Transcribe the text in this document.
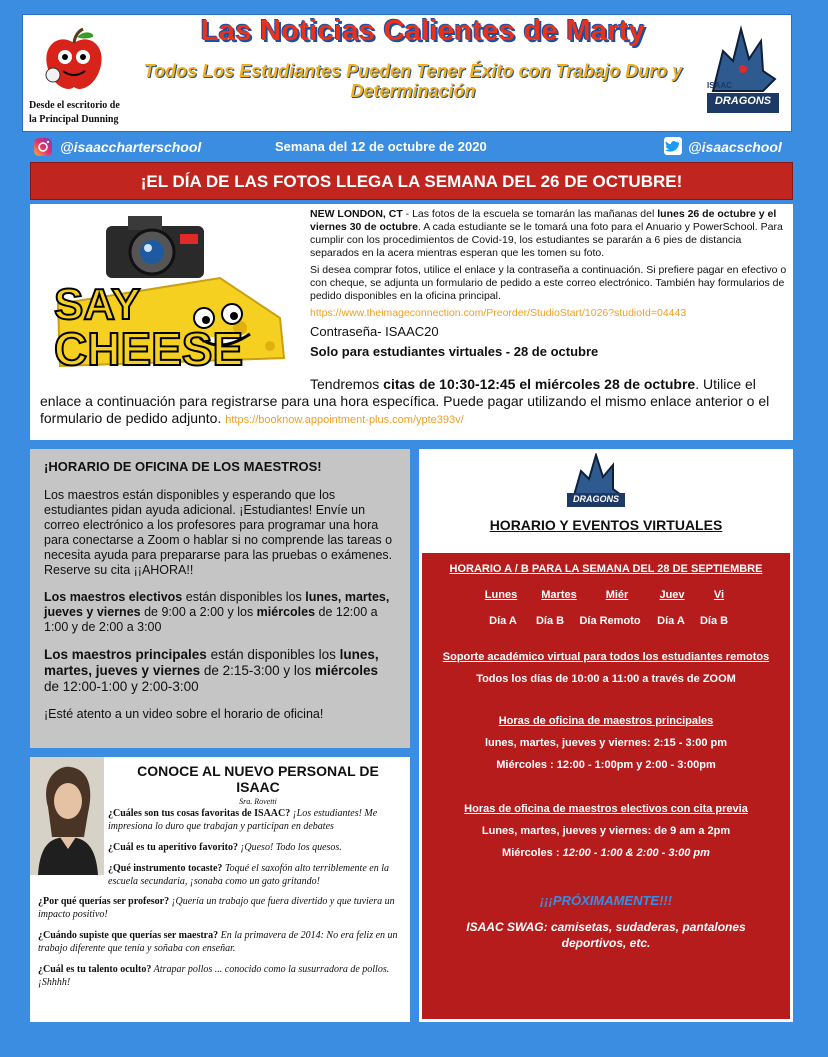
Las Noticias Calientes de Marty
Todos Los Estudiantes Pueden Tener Éxito con Trabajo Duro y Determinación
Desde el escritorio de
la Principal Dunning
DRAGONS
ISAAC
@isaaccharterschool	Semana del 12 de octubre de 2020	@isaacschool
¡EL DÍA DE LAS FOTOS LLEGA LA SEMANA DEL 26 DE OCTUBRE!
SAY
CHEESE

NEW LONDON, CT - Las fotos de la escuela se tomarán las mañanas del lunes 26 de octubre y el viernes 30 de octubre. A cada estudiante se le tomará una foto para el Anuario y PowerSchool. Para cumplir con los procedimientos de Covid-19, los estudiantes se pararán a 6 pies de distancia separados en la acera mientras esperan que les tomen su foto.

Si desea comprar fotos, utilice el enlace y la contraseña a continuación. Si prefiere pagar en efectivo o con cheque, se adjunta un formulario de pedido a este correo electrónico. También hay formularios de pedido disponibles en la oficina principal.

https://www.theimageconnection.com/Preorder/StudioStart/1026?studioId=04443

Contraseña- ISAAC20

Solo para estudiantes virtuales - 28 de octubre

Tendremos citas de 10:30-12:45 el miércoles 28 de octubre. Utilice el enlace a continuación para registrarse para una hora específica. Puede pagar utilizando el mismo enlace anterior o el formulario de pedido adjunto. https://booknow.appointment-plus.com/ypte393v/

¡HORARIO DE OFICINA DE LOS MAESTROS!

Los maestros están disponibles y esperando que los estudiantes pidan ayuda adicional. ¡Estudiantes! Envíe un correo electrónico a los profesores para programar una hora para conectarse a Zoom o hablar si no comprende las tareas o necesita ayuda para prepararse para las pruebas o exámenes. Reserve su cita ¡¡AHORA!!

Los maestros electivos están disponibles los lunes, martes, jueves y viernes de 9:00 a 2:00 y los miércoles de 12:00 a 1:00 y de 2:00 a 3:00

Los maestros principales están disponibles los lunes, martes, jueves y viernes de 2:15-3:00 y los miércoles de 12:00-1:00 y 2:00-3:00

¡Esté atento a un video sobre el horario de oficina!

CONOCE AL NUEVO PERSONAL DE ISAAC
Sra. Rovetti

¿Cuáles son tus cosas favoritas de ISAAC? ¡Los estudiantes! Me impresiona lo duro que trabajan y participan en debates

¿Cuál es tu aperitivo favorito? ¡Queso! Todo los quesos.

¿Qué instrumento tocaste? Toqué el saxofón alto terriblemente en la escuela secundaria, ¡sonaba como un gato gritando!

¿Por qué querías ser profesor? ¡Quería un trabajo que fuera divertido y que tuviera un impacto positivo!

¿Cuándo supiste que querías ser maestra? En la primavera de 2014: No era feliz en un trabajo diferente que tenía y soñaba con enseñar.

¿Cuál es tu talento oculto? Atrapar pollos ... conocido como la susurradora de pollos. ¡Shhhh!

DRAGONS
HORARIO Y EVENTOS VIRTUALES
HORARIO A / B PARA LA SEMANA DEL 28 DE SEPTIEMBRE
Lunes	Martes	Miér	Juev	Vi
Día A	Día B	Día Remoto	Día A	Día B
Soporte académico virtual para todos los estudiantes remotos
Todos los días de 10:00 a 11:00 a través de ZOOM
Horas de oficina de maestros principales
lunes, martes, jueves y viernes: 2:15 - 3:00 pm
Miércoles : 12:00 - 1:00pm y 2:00 - 3:00pm
Horas de oficina de maestros electivos con cita previa
Lunes, martes, jueves y viernes: de 9 am a 2pm
Miércoles : 12:00 - 1:00 & 2:00 - 3:00 pm
¡¡¡PRÓXIMAMENTE!!!
ISAAC SWAG: camisetas, sudaderas, pantalones deportivos, etc.
